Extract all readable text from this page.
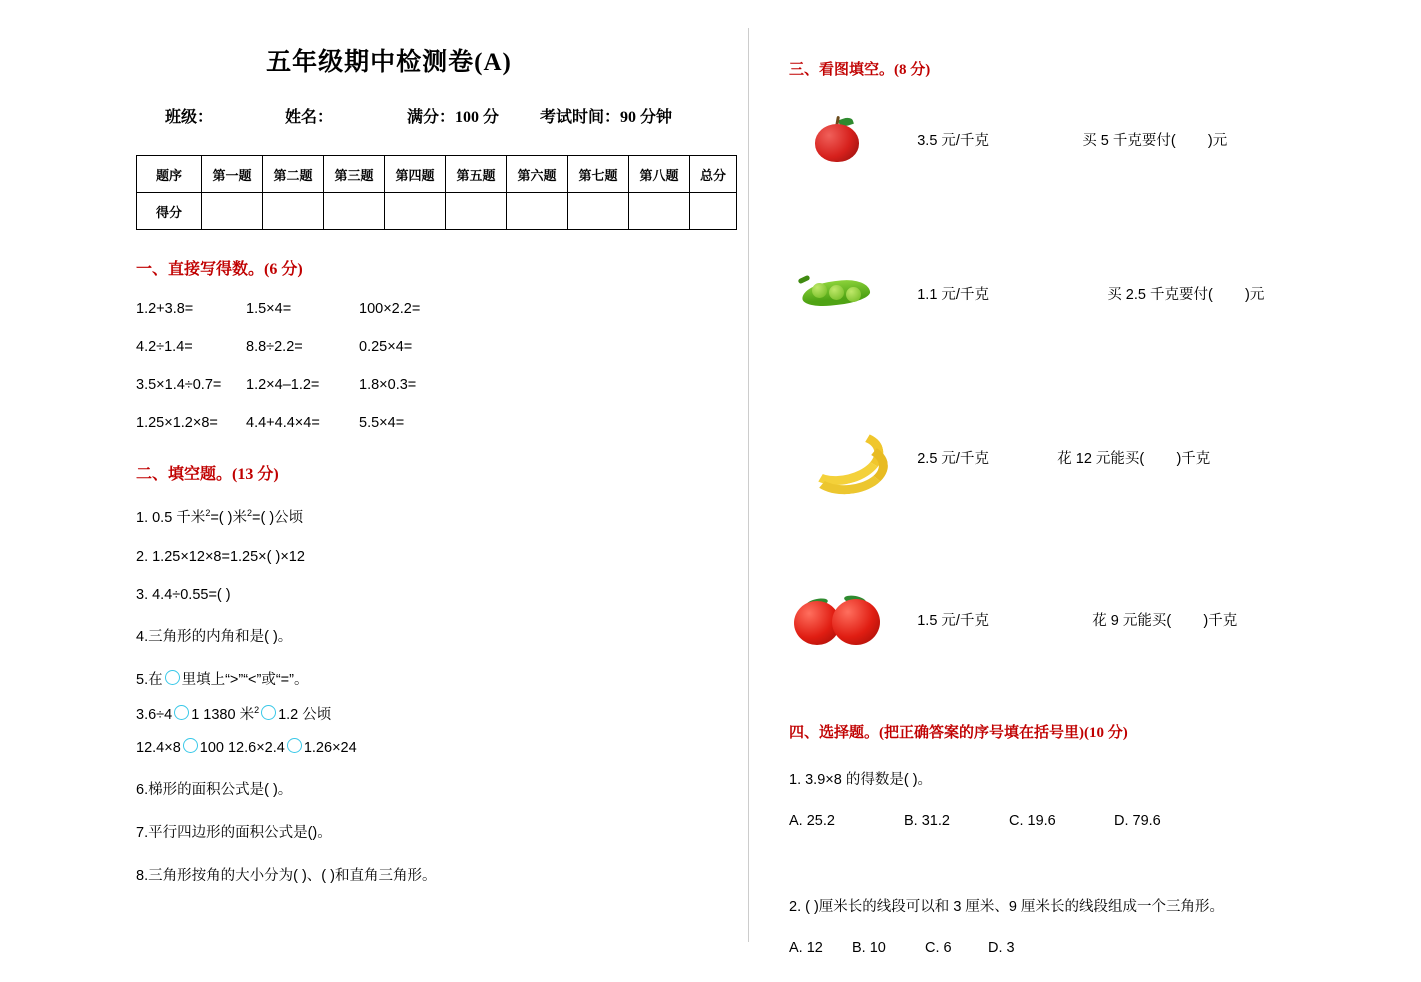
五年级期中检测卷(A)
班级：	姓名：	满分：100 分	考试时间：90 分钟
题序	第一题	第二题	第三题	第四题	第五题	第六题	第七题	第八题	总分
得分									
一、直接写得数。(6 分)
1.2+3.8=	1.5×4=	100×2.2=
4.2÷1.4=	8.8÷2.2=	0.25×4=
3.5×1.4÷0.7= 1.2×4–1.2=	1.8×0.3=
1.25×1.2×8= 4.4+4.4×4=	5.5×4=
二、填空题。(13 分)
1. 0.5 千米$^2$=( )米$^2$=( )公顷
2. 1.25×12×8=1.25×( )×12
3. 4.4÷0.55=( )
4.三角形的内角和是( )。
5.在 里填上“>”“<”或“=”。
3.6÷4 1 1380 米$^2$ 1.2 公顷
12.4×8 100 12.6×2.4 1.26×24
6.梯形的面积公式是( )。
7.平行四边形的面积公式是()。
8.三角形按角的大小分为( )、( )和直角三角形。
三、看图填空。(8 分)

3.5 元/千克	买 5 千克要付(        )元

1.1 元/千克	买 2.5 千克要付(        )元

2.5 元/千克	花 12 元能买(        )千克

1.5 元/千克	花 9 元能买(        )千克

四、选择题。(把正确答案的序号填在括号里)(10 分)
1. 3.9×8 的得数是( )。
A. 25.2	B. 31.2	C. 19.6	D. 79.6
2. ( )厘米长的线段可以和 3 厘米、9 厘米长的线段组成一个三角形。
A. 12 B. 10	C. 6	D. 3
